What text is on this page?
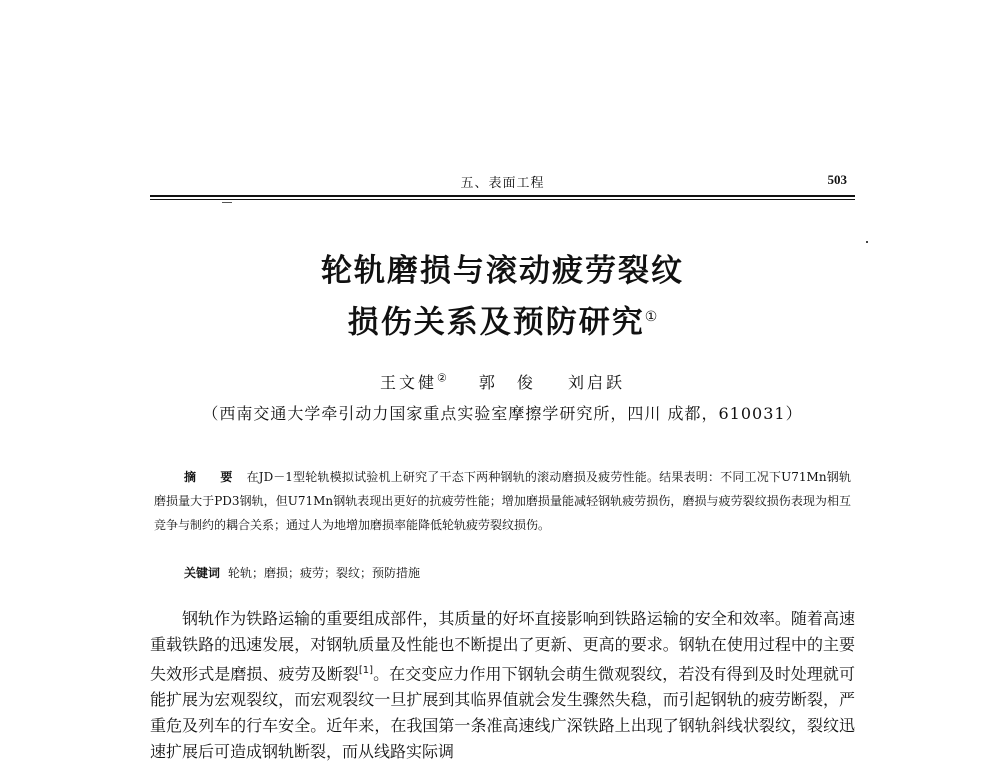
五、表面工程	503
轮轨磨损与滚动疲劳裂纹
损伤关系及预防研究①
王文健② 郭　俊 刘启跃
（西南交通大学牵引动力国家重点实验室摩擦学研究所，四川 成都，610031）
摘　要 在JD－1型轮轨模拟试验机上研究了干态下两种钢轨的滚动磨损及疲劳性能。结果表明：不同工况下U71Mn钢轨磨损量大于PD3钢轨，但U71Mn钢轨表现出更好的抗疲劳性能；增加磨损量能减轻钢轨疲劳损伤，磨损与疲劳裂纹损伤表现为相互竞争与制约的耦合关系；通过人为地增加磨损率能降低轮轨疲劳裂纹损伤。
关键词 轮轨；磨损；疲劳；裂纹；预防措施

钢轨作为铁路运输的重要组成部件，其质量的好坏直接影响到铁路运输的安全和效率。随着高速重载铁路的迅速发展，对钢轨质量及性能也不断提出了更新、更高的要求。钢轨在使用过程中的主要失效形式是磨损、疲劳及断裂[1]。在交变应力作用下钢轨会萌生微观裂纹，若没有得到及时处理就可能扩展为宏观裂纹，而宏观裂纹一旦扩展到其临界值就会发生骤然失稳，而引起钢轨的疲劳断裂，严重危及列车的行车安全。近年来，在我国第一条准高速线广深铁路上出现了钢轨斜线状裂纹，裂纹迅速扩展后可造成钢轨断裂，而从线路实际调
